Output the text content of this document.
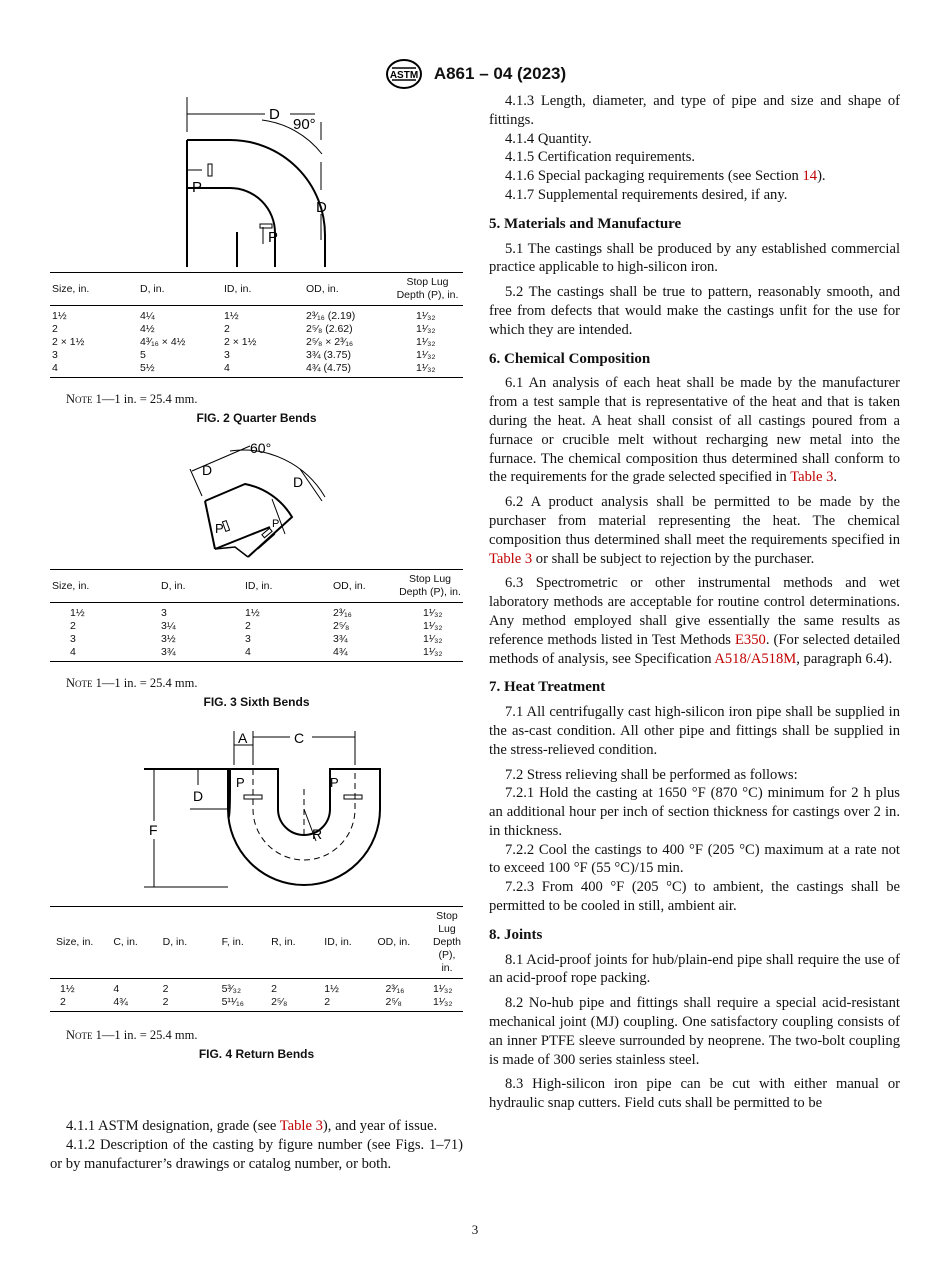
ASTM A861 – 04 (2023)
D
90°
D
P
P
Size, in.	D, in.	ID, in.	OD, in.	Stop Lug Depth (P), in.
1½	4¼	1½	2³⁄₁₆ (2.19)	1¹⁄₃₂
2	4½	2	2⁵⁄₈ (2.62)	1¹⁄₃₂
2 × 1½	4³⁄₁₆ × 4½	2 × 1½	2⁵⁄₈ × 2³⁄₁₆	1¹⁄₃₂
3	5	3	3¾ (3.75)	1¹⁄₃₂
4	5½	4	4¾ (4.75)	1¹⁄₃₂
Note 1—1 in. = 25.4 mm.
FIG. 2 Quarter Bends
D
60°
D
P	P
Size, in.	D, in.	ID, in.	OD, in.	Stop Lug Depth (P), in.
1½	3	1½	2³⁄₁₆	1¹⁄₃₂
2	3¼	2	2⁵⁄₈	1¹⁄₃₂
3	3½	3	3¾	1¹⁄₃₂
4	3¾	4	4¾	1¹⁄₃₂
Note 1—1 in. = 25.4 mm.
FIG. 3 Sixth Bends
A	C
D
F	R
P	P
Size, in.	C, in.	D, in.	F, in.	R, in.	ID, in.	OD, in.	Stop Lug Depth (P), in.
1½	4	2	5³⁄₃₂	2	1½	2³⁄₁₆	1¹⁄₃₂
2	4¾	2	5¹¹⁄₁₆	2⁵⁄₈	2	2⁵⁄₈	1¹⁄₃₂
Note 1—1 in. = 25.4 mm.
FIG. 4 Return Bends

4.1.1 ASTM designation, grade (see Table 3), and year of issue.

4.1.2 Description of the casting by figure number (see Figs. 1–71) or by manufacturer’s drawings or catalog number, or both.

4.1.3 Length, diameter, and type of pipe and size and shape of fittings.

4.1.4 Quantity.

4.1.5 Certification requirements.

4.1.6 Special packaging requirements (see Section 14).

4.1.7 Supplemental requirements desired, if any.

5. Materials and Manufacture

5.1 The castings shall be produced by any established commercial practice applicable to high-silicon iron.

5.2 The castings shall be true to pattern, reasonably smooth, and free from defects that would make the castings unfit for the use for which they are intended.

6. Chemical Composition

6.1 An analysis of each heat shall be made by the manufacturer from a test sample that is representative of the heat and that is taken during the heat. A heat shall consist of all castings poured from a furnace or crucible melt without recharging new metal into the furnace. The chemical composition thus determined shall conform to the requirements for the grade selected specified in Table 3.

6.2 A product analysis shall be permitted to be made by the purchaser from material representing the heat. The chemical composition thus determined shall meet the requirements specified in Table 3 or shall be subject to rejection by the purchaser.

6.3 Spectrometric or other instrumental methods and wet laboratory methods are acceptable for routine control determinations. Any method employed shall give essentially the same results as reference methods listed in Test Methods E350. (For selected detailed methods of analysis, see Specification A518/A518M, paragraph 6.4).

7. Heat Treatment

7.1 All centrifugally cast high-silicon iron pipe shall be supplied in the as-cast condition. All other pipe and fittings shall be supplied in the stress-relieved condition.

7.2 Stress relieving shall be performed as follows:

7.2.1 Hold the casting at 1650 °F (870 °C) minimum for 2 h plus an additional hour per inch of section thickness for castings over 2 in. in thickness.

7.2.2 Cool the castings to 400 °F (205 °C) maximum at a rate not to exceed 100 °F (55 °C)/15 min.

7.2.3 From 400 °F (205 °C) to ambient, the castings shall be permitted to be cooled in still, ambient air.

8. Joints

8.1 Acid-proof joints for hub/plain-end pipe shall require the use of an acid-proof rope packing.

8.2 No-hub pipe and fittings shall require a special acid-resistant mechanical joint (MJ) coupling. One satisfactory coupling consists of an inner PTFE sleeve surrounded by neoprene. The two-bolt coupling is made of 300 series stainless steel.

8.3 High-silicon iron pipe can be cut with either manual or hydraulic snap cutters. Field cuts shall be permitted to be

3
